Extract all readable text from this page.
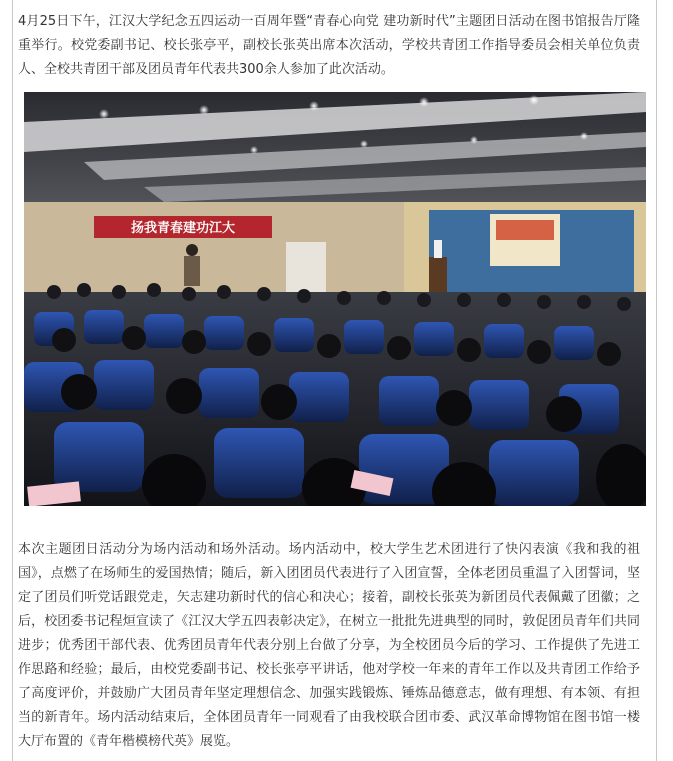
4月25日下午，江汉大学纪念五四运动一百周年暨“青春心向党 建功新时代”主题团日活动在图书馆报告厅隆重举行。校党委副书记、校长张亭平，副校长张英出席本次活动，学校共青团工作指导委员会相关单位负责人、全校共青团干部及团员青年代表共300余人参加了此次活动。

扬我青春建功江大

本次主题团日活动分为场内活动和场外活动。场内活动中，校大学生艺术团进行了快闪表演《我和我的祖国》，点燃了在场师生的爱国热情；随后，新入团团员代表进行了入团宣誓，全体老团员重温了入团誓词，坚定了团员们听党话跟党走，矢志建功新时代的信心和决心；接着，副校长张英为新团员代表佩戴了团徽；之后，校团委书记程烜宣读了《江汉大学五四表彰决定》，在树立一批批先进典型的同时，敦促团员青年们共同进步；优秀团干部代表、优秀团员青年代表分别上台做了分享，为全校团员今后的学习、工作提供了先进工作思路和经验；最后，由校党委副书记、校长张亭平讲话，他对学校一年来的青年工作以及共青团工作给予了高度评价，并鼓励广大团员青年坚定理想信念、加强实践锻炼、锤炼品德意志，做有理想、有本领、有担当的新青年。场内活动结束后，全体团员青年一同观看了由我校联合团市委、武汉革命博物馆在图书馆一楼大厅布置的《青年楷模榜代英》展览。
